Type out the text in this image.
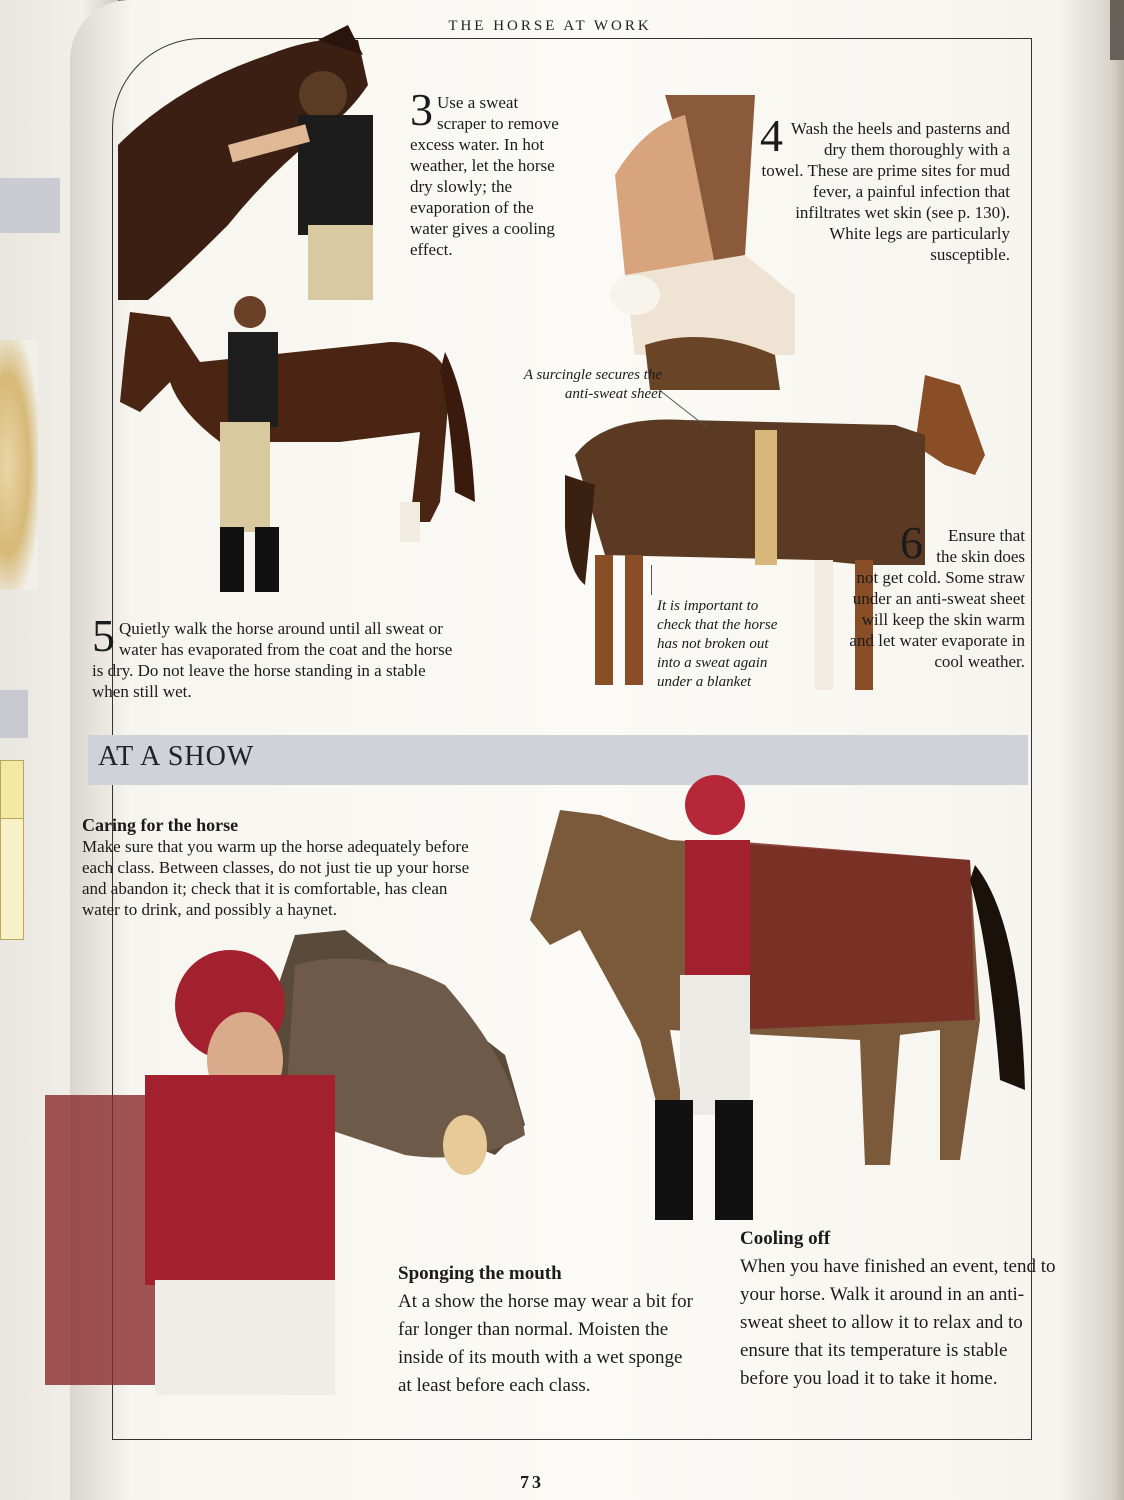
THE HORSE AT WORK
3 Use a sweat scraper to remove excess water. In hot weather, let the horse dry slowly; the evaporation of the water gives a cooling effect.
4 Wash the heels and pasterns and dry them thoroughly with a towel. These are prime sites for mud fever, a painful infection that infiltrates wet skin (see p. 130). White legs are particularly susceptible.
5 Quietly walk the horse around until all sweat or water has evaporated from the coat and the horse is dry. Do not leave the horse standing in a stable when still wet.
A surcingle secures the anti-sweat sheet
It is important to check that the horse has not broken out into a sweat again under a blanket
6 Ensure that the skin does not get cold. Some straw under an anti-sweat sheet will keep the skin warm and let water evaporate in cool weather.
AT A SHOW
Caring for the horse
Make sure that you warm up the horse adequately before each class. Between classes, do not just tie up your horse and abandon it; check that it is comfortable, has clean water to drink, and possibly a haynet.
Sponging the mouth
At a show the horse may wear a bit for far longer than normal. Moisten the inside of its mouth with a wet sponge at least before each class.
Cooling off
When you have finished an event, tend to your horse. Walk it around in an anti-sweat sheet to allow it to relax and to ensure that its temperature is stable before you load it to take it home.
73
